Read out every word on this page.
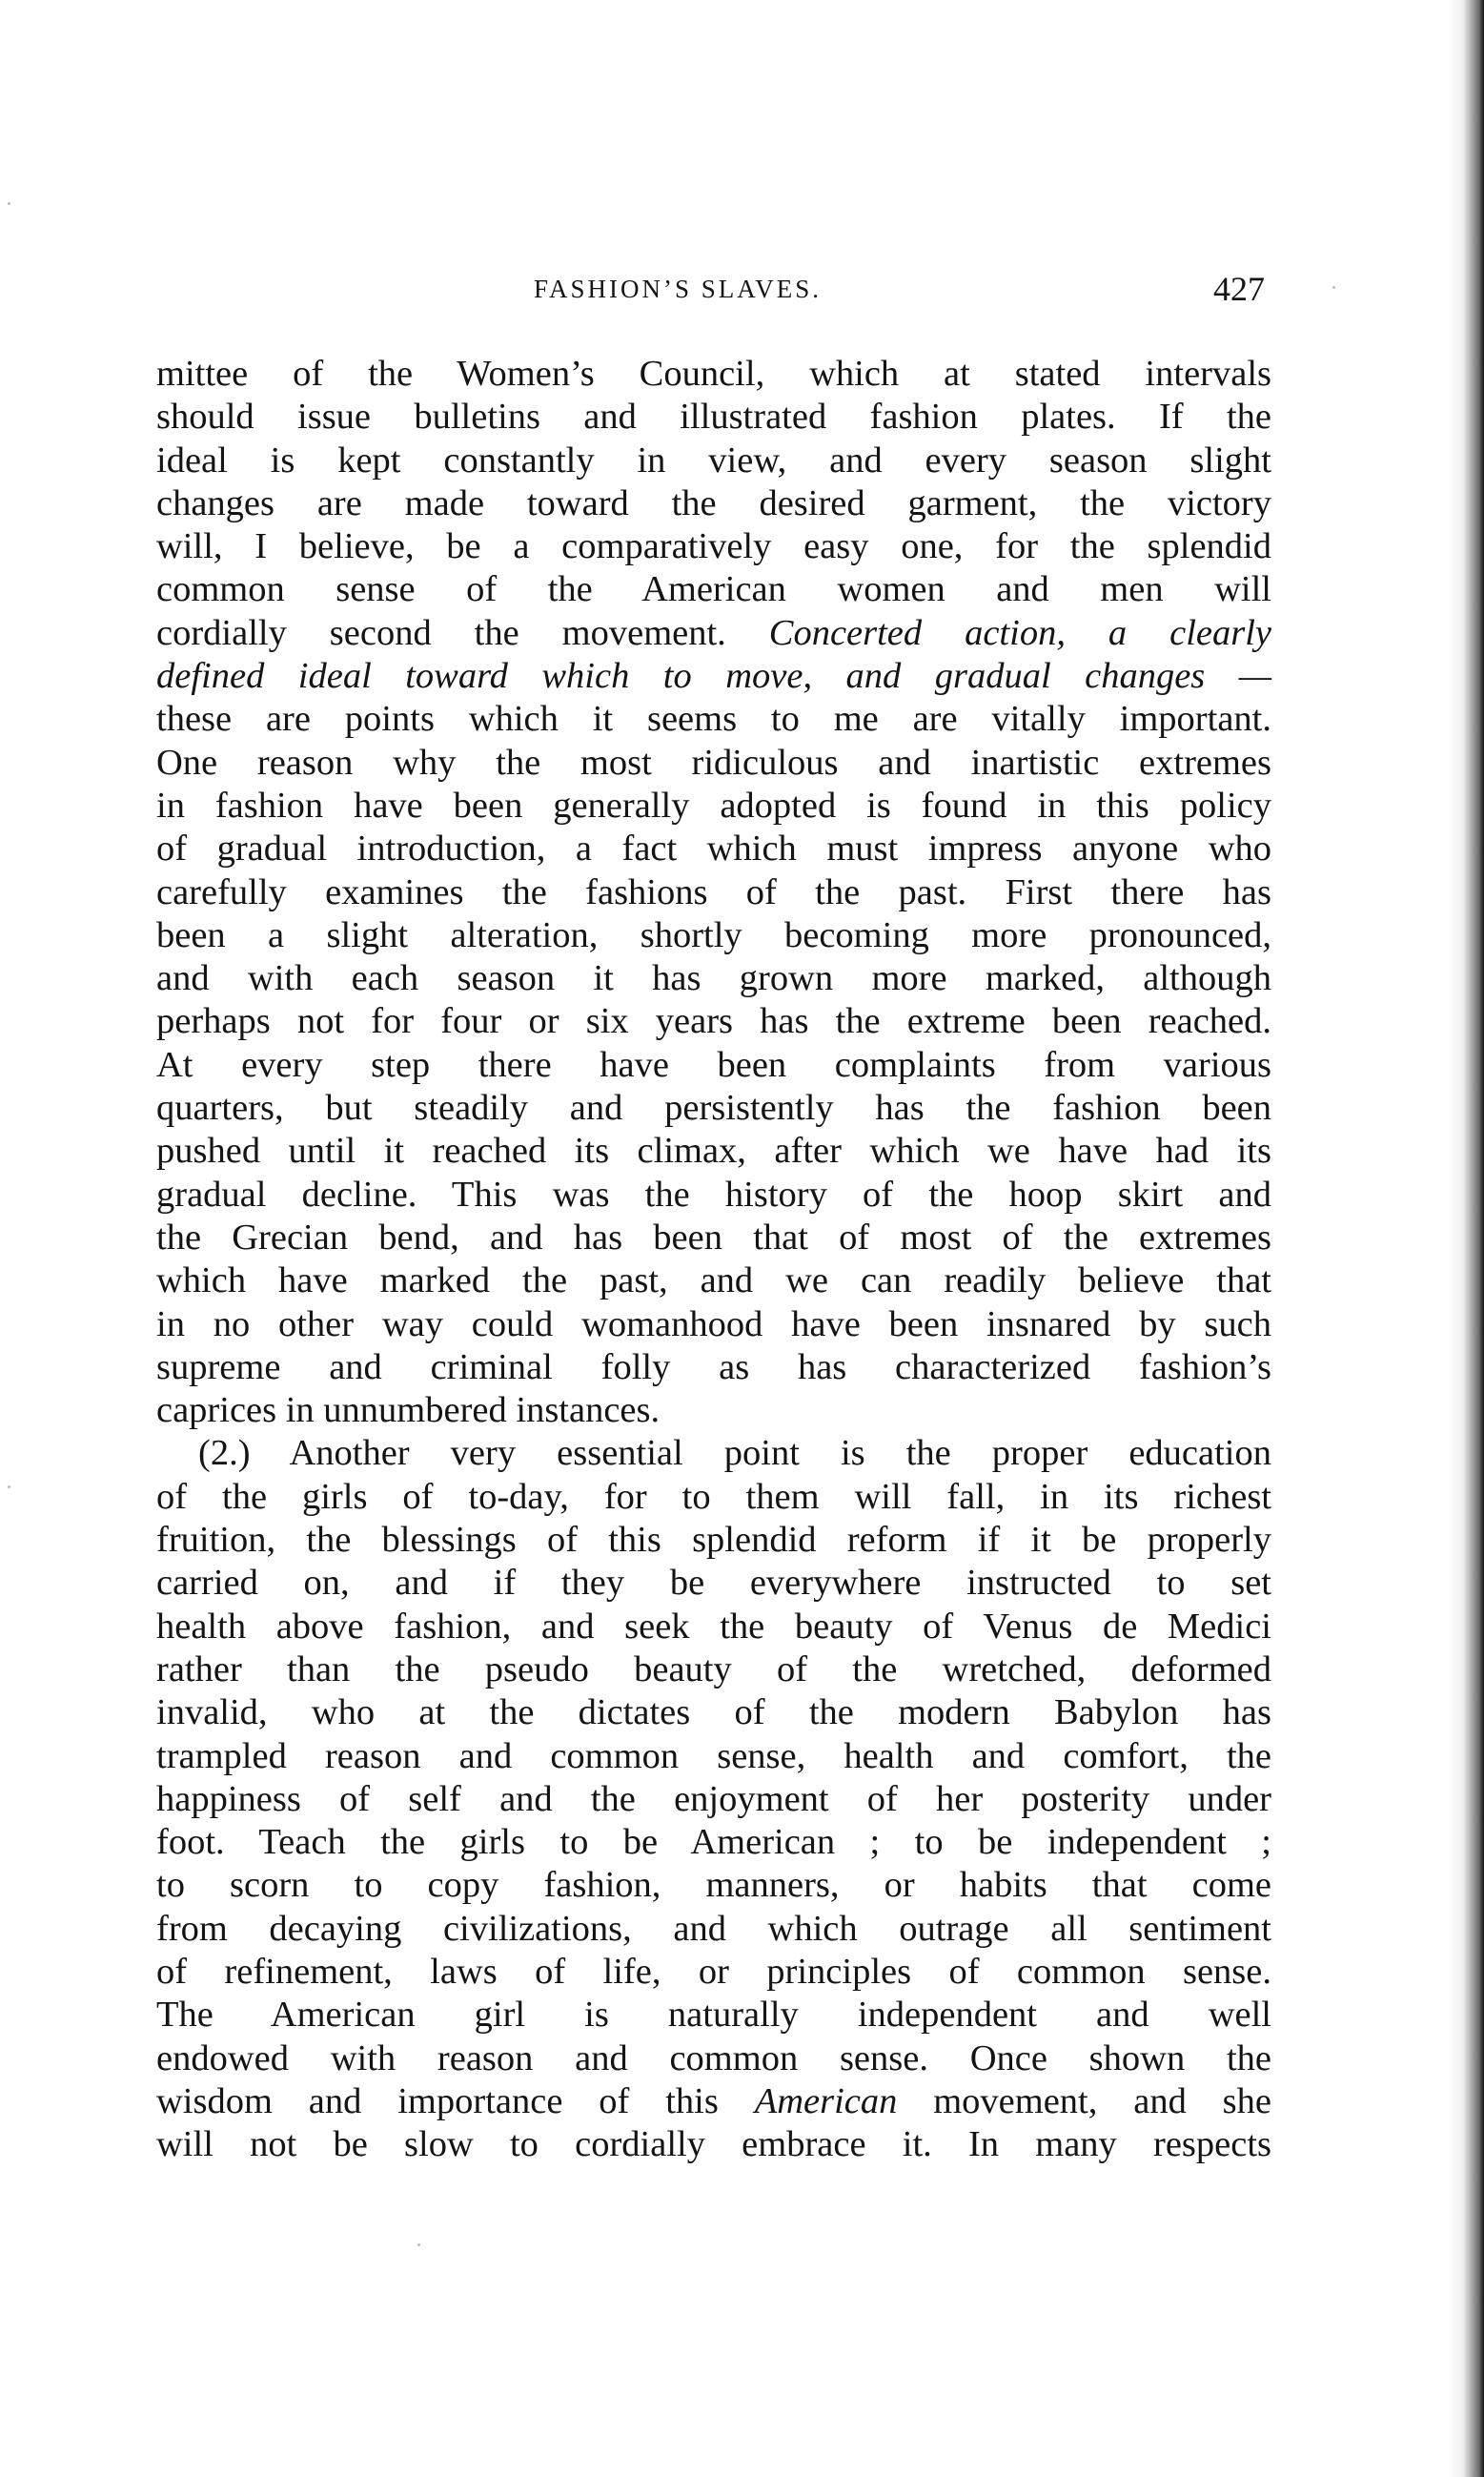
FASHION’S SLAVES.	427
mittee of the Women’s Council, which at stated intervals
should issue bulletins and illustrated fashion plates. If the
ideal is kept constantly in view, and every season slight
changes are made toward the desired garment, the victory
will, I believe, be a comparatively easy one, for the splendid
common sense of the American women and men will
cordially second the movement. Concerted action, a clearly
defined ideal toward which to move, and gradual changes —
these are points which it seems to me are vitally important.
One reason why the most ridiculous and inartistic extremes
in fashion have been generally adopted is found in this policy
of gradual introduction, a fact which must impress anyone who
carefully examines the fashions of the past. First there has
been a slight alteration, shortly becoming more pronounced,
and with each season it has grown more marked, although
perhaps not for four or six years has the extreme been reached.
At every step there have been complaints from various
quarters, but steadily and persistently has the fashion been
pushed until it reached its climax, after which we have had its
gradual decline. This was the history of the hoop skirt and
the Grecian bend, and has been that of most of the extremes
which have marked the past, and we can readily believe that
in no other way could womanhood have been insnared by such
supreme and criminal folly as has characterized fashion’s
caprices in unnumbered instances.
(2.) Another very essential point is the proper education
of the girls of to-day, for to them will fall, in its richest
fruition, the blessings of this splendid reform if it be properly
carried on, and if they be everywhere instructed to set
health above fashion, and seek the beauty of Venus de Medici
rather than the pseudo beauty of the wretched, deformed
invalid, who at the dictates of the modern Babylon has
trampled reason and common sense, health and comfort, the
happiness of self and the enjoyment of her posterity under
foot. Teach the girls to be American ; to be independent ;
to scorn to copy fashion, manners, or habits that come
from decaying civilizations, and which outrage all sentiment
of refinement, laws of life, or principles of common sense.
The American girl is naturally independent and well
endowed with reason and common sense. Once shown the
wisdom and importance of this American movement, and she
will not be slow to cordially embrace it. In many respects
